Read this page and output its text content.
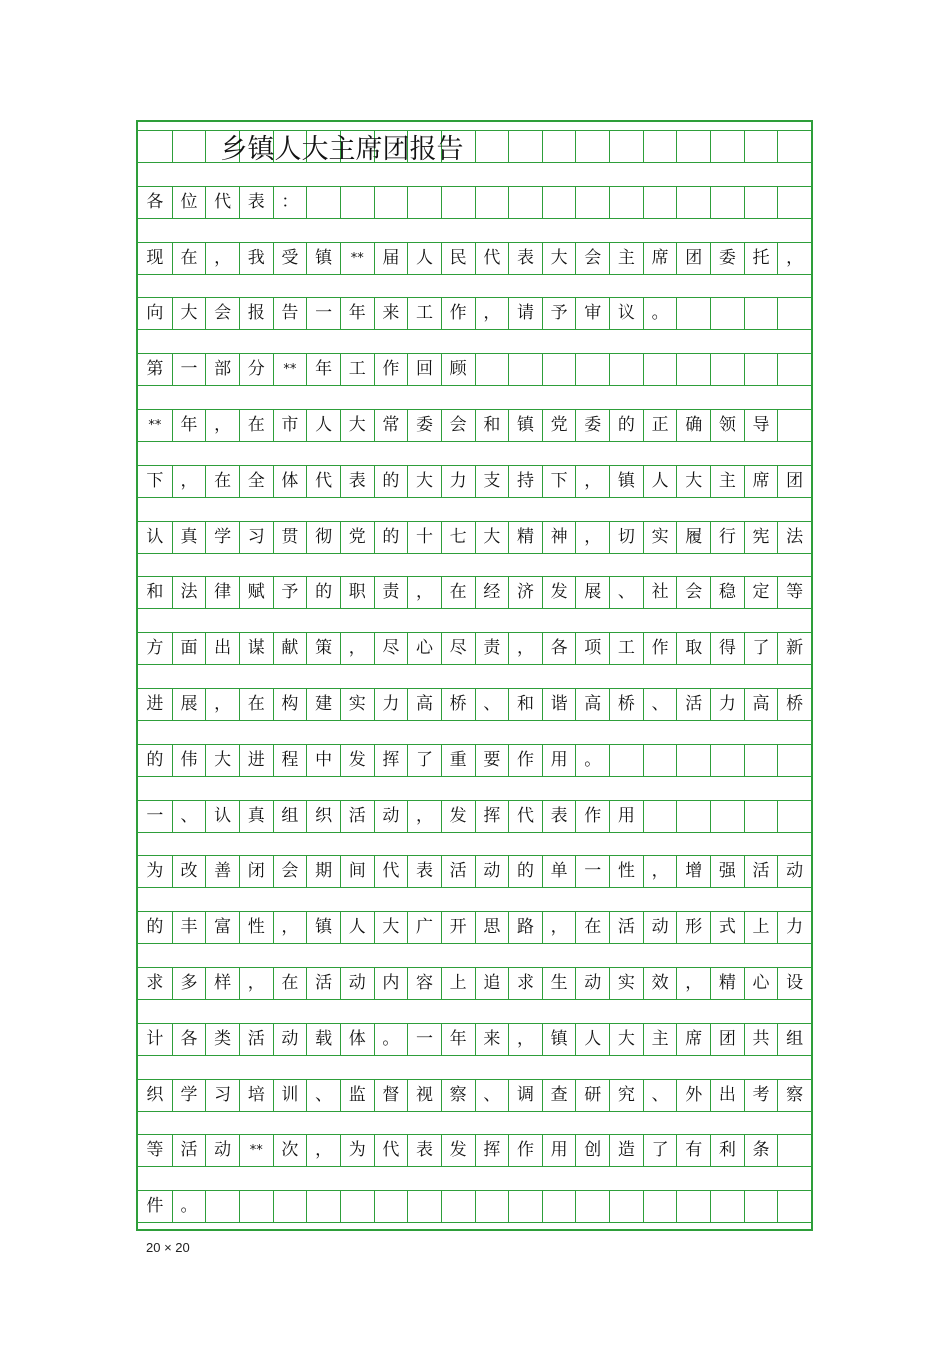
乡镇人大主席团报告
各	位 代 表 ：
现	在 ， 我 受 镇	**	届 人 民 代 表 大 会 主 席 团 委 托 ，
向	大 会 报 告 一 年 来 工 作 ， 请 予 审 议 。
第	一 部 分	**	年 工 作 回 顾
**	年 ， 在 市 人 大 常 委 会 和 镇 党 委 的 正 确 领 导
下	， 在 全 体 代 表 的 大 力 支 持 下 ， 镇 人 大 主 席 团
认	真 学 习 贯 彻 党 的 十 七 大 精 神 ， 切 实 履 行 宪 法
和	法 律 赋 予 的 职 责 ， 在 经 济 发 展 、 社 会 稳 定 等
方	面 出 谋 献 策 ， 尽 心 尽 责 ， 各 项 工 作 取 得 了 新
进	展 ， 在 构 建 实 力 高 桥 、 和 谐 高 桥 、 活 力 高 桥
的	伟 大 进 程 中 发 挥 了 重 要 作 用 。
一	、 认 真 组 织 活 动 ， 发 挥 代 表 作 用
为	改 善 闭 会 期 间 代 表 活 动 的 单 一 性 ， 增 强 活 动
的	丰 富 性 ， 镇 人 大 广 开 思 路 ， 在 活 动 形 式 上 力
求	多 样 ， 在 活 动 内 容 上 追 求 生 动 实 效 ， 精 心 设
计	各 类 活 动 载 体 。 一 年 来 ， 镇 人 大 主 席 团 共 组
织	学 习 培 训 、 监 督 视 察 、 调 查 研 究 、 外 出 考 察
等	活 动	**	次 ， 为 代 表 发 挥 作 用 创 造 了 有 利 条
件	。
20 × 20
